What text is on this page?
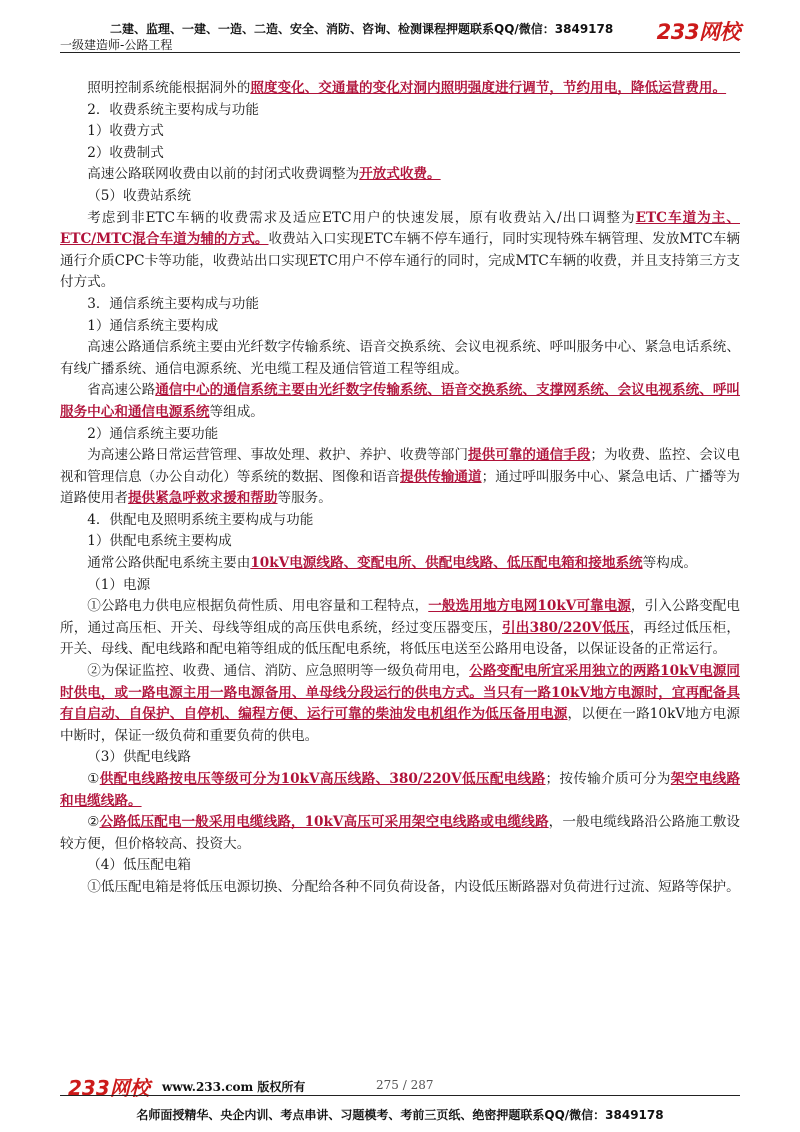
二建、监理、一建、一造、二造、安全、消防、咨询、检测课程押题联系QQ/微信：3849178
一级建造师-公路工程
233网校

照明控制系统能根据洞外的照度变化、交通量的变化对洞内照明强度进行调节，节约用电，降低运营费用。

2．收费系统主要构成与功能

1）收费方式

2）收费制式

高速公路联网收费由以前的封闭式收费调整为开放式收费。

（5）收费站系统

考虑到非ETC车辆的收费需求及适应ETC用户的快速发展，原有收费站入/出口调整为ETC车道为主、ETC/MTC混合车道为辅的方式。收费站入口实现ETC车辆不停车通行，同时实现特殊车辆管理、发放MTC车辆通行介质CPC卡等功能，收费站出口实现ETC用户不停车通行的同时，完成MTC车辆的收费，并且支持第三方支付方式。

3．通信系统主要构成与功能

1）通信系统主要构成

高速公路通信系统主要由光纤数字传输系统、语音交换系统、会议电视系统、呼叫服务中心、紧急电话系统、有线广播系统、通信电源系统、光电缆工程及通信管道工程等组成。

省高速公路通信中心的通信系统主要由光纤数字传输系统、语音交换系统、支撑网系统、会议电视系统、呼叫服务中心和通信电源系统等组成。

2）通信系统主要功能

为高速公路日常运营管理、事故处理、救护、养护、收费等部门提供可靠的通信手段；为收费、监控、会议电视和管理信息（办公自动化）等系统的数据、图像和语音提供传输通道；通过呼叫服务中心、紧急电话、广播等为道路使用者提供紧急呼救求援和帮助等服务。

4．供配电及照明系统主要构成与功能

1）供配电系统主要构成

通常公路供配电系统主要由10kV电源线路、变配电所、供配电线路、低压配电箱和接地系统等构成。

（1）电源

①公路电力供电应根据负荷性质、用电容量和工程特点，一般选用地方电网10kV可靠电源，引入公路变配电所，通过高压柜、开关、母线等组成的高压供电系统，经过变压器变压，引出380/220V低压，再经过低压柜，开关、母线、配电线路和配电箱等组成的低压配电系统，将低压电送至公路用电设备，以保证设备的正常运行。

②为保证监控、收费、通信、消防、应急照明等一级负荷用电，公路变配电所宜采用独立的两路10kV电源同时供电，或一路电源主用一路电源备用、单母线分段运行的供电方式。当只有一路10kV地方电源时，宜再配备具有自启动、自保护、自停机、编程方便、运行可靠的柴油发电机组作为低压备用电源，以便在一路10kV地方电源中断时，保证一级负荷和重要负荷的供电。

（3）供配电线路

①供配电线路按电压等级可分为10kV高压线路、380/220V低压配电线路；按传输介质可分为架空电线路和电缆线路。

②公路低压配电一般采用电缆线路，10kV高压可采用架空电线路或电缆线路，一般电缆线路沿公路施工敷设较方便，但价格较高、投资大。

（4）低压配电箱

①低压配电箱是将低压电源切换、分配给各种不同负荷设备，内设低压断路器对负荷进行过流、短路等保护。

233网校 www.233.com 版权所有	275 / 287
名师面授精华、央企内训、考点串讲、习题模考、考前三页纸、绝密押题联系QQ/微信：3849178
